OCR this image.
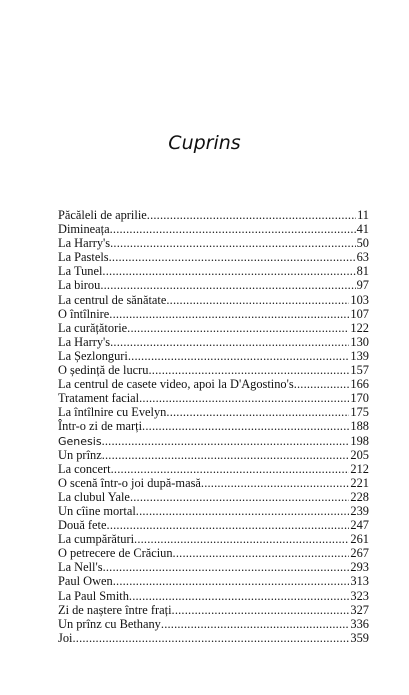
Cuprins
Păcăleli de aprilie .....	11
Dimineața .....	41
La Harry's .....	50
La Pastels .....	63
La Tunel .....	81
La birou .....	97
La centrul de sănătate .....	103
O întîlnire .....	107
La curățătorie .....	122
La Harry's .....	130
La Șezlonguri .....	139
O ședință de lucru .....	157
La centrul de casete video, apoi la D'Agostino's .....	166
Tratament facial .....	170
La întîlnire cu Evelyn .....	175
Într-o zi de marți .....	188
Genesis .....	198
Un prînz .....	205
La concert .....	212
O scenă într-o joi după-masă .....	221
La clubul Yale .....	228
Un cîine mortal .....	239
Două fete .....	247
La cumpărături .....	261
O petrecere de Crăciun .....	267
La Nell's .....	293
Paul Owen .....	313
La Paul Smith .....	323
Zi de naștere între frați .....	327
Un prînz cu Bethany .....	336
Joi .....	359
